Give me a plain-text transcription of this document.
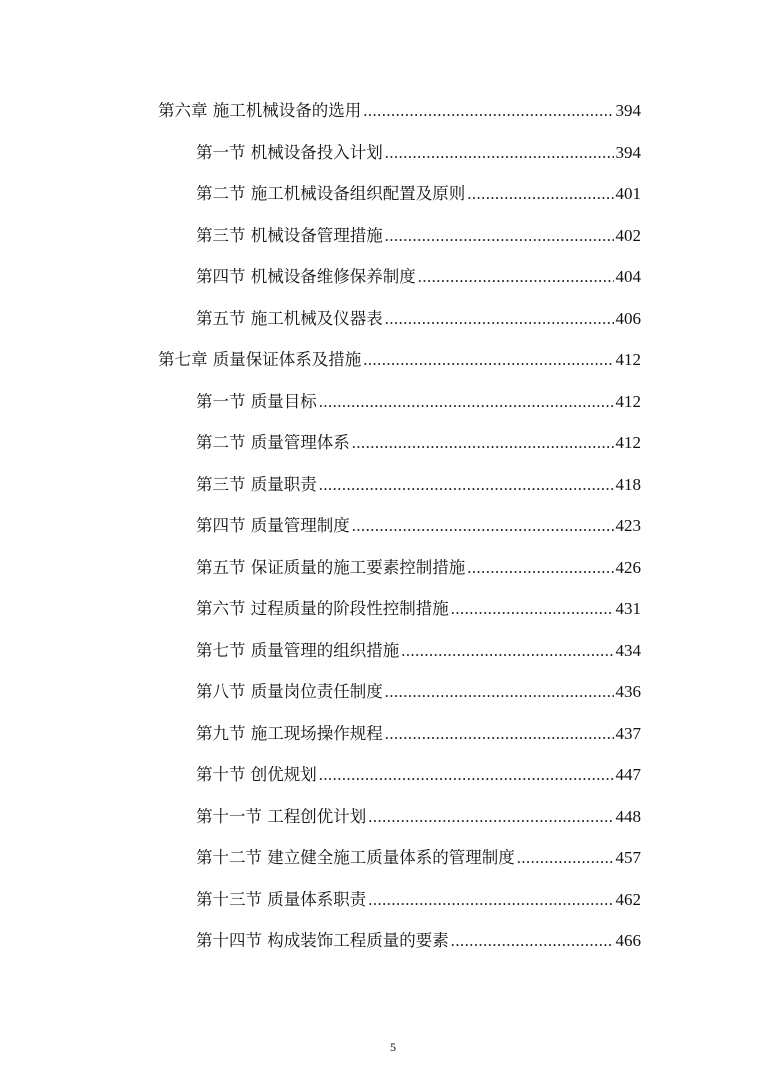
第六章 施工机械设备的选用 .....	394
第一节 机械设备投入计划 .....	394
第二节 施工机械设备组织配置及原则 .....	401
第三节 机械设备管理措施 .....	402
第四节 机械设备维修保养制度 .....	404
第五节 施工机械及仪器表 .....	406
第七章 质量保证体系及措施 .....	412
第一节 质量目标 .....	412
第二节 质量管理体系 .....	412
第三节 质量职责 .....	418
第四节 质量管理制度 .....	423
第五节 保证质量的施工要素控制措施 .....	426
第六节 过程质量的阶段性控制措施 .....	431
第七节 质量管理的组织措施 .....	434
第八节 质量岗位责任制度 .....	436
第九节 施工现场操作规程 .....	437
第十节 创优规划 .....	447
第十一节 工程创优计划 .....	448
第十二节 建立健全施工质量体系的管理制度 .....	457
第十三节 质量体系职责 .....	462
第十四节 构成装饰工程质量的要素 .....	466
5
